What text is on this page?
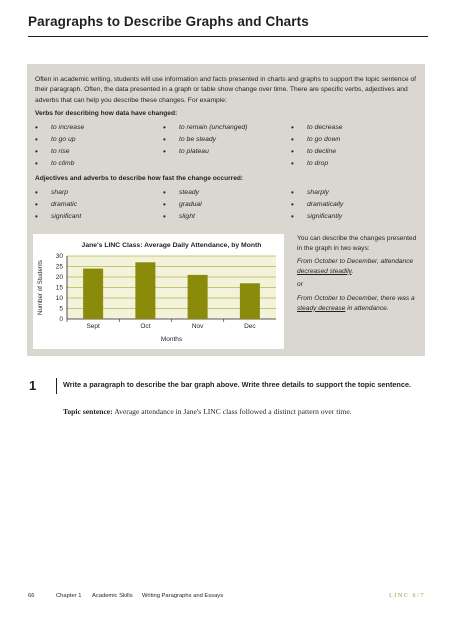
Paragraphs to Describe Graphs and Charts

Often in academic writing, students will use information and facts presented in charts and graphs to support the topic sentence of their paragraph. Often, the data presented in a graph or table show change over time. There are specific verbs, adjectives and adverbs that can help you describe these changes. For example:

Verbs for describing how data have changed:

• to increase	• to remain (unchanged)	• to decrease
• to go up	• to be steady	• to go down
• to rise	• to plateau	• to decline
• to climb	• to drop

Adjectives and adverbs to describe how fast the change occurred:

• sharp	• steady	• sharply
• dramatic	• gradual	• dramatically
• significant	• slight	• significantly
0
5
10
15
20
25
30
Sept	Oct	Nov	Dec
Jane's LINC Class: Average Daily Attendance, by Month
Months
Number of Students

You can describe the changes presented in the graph in two ways:

From October to December, attendance decreased steadily.

or

From October to December, there was a steady decrease in attendance.

1	Write a paragraph to describe the bar graph above. Write three details to support the topic sentence.
Topic sentence: Average attendance in Jane's LINC class followed a distinct pattern over time.
66	Chapter 1 Academic Skills Writing Paragraphs and Essays	LINC 6/7
